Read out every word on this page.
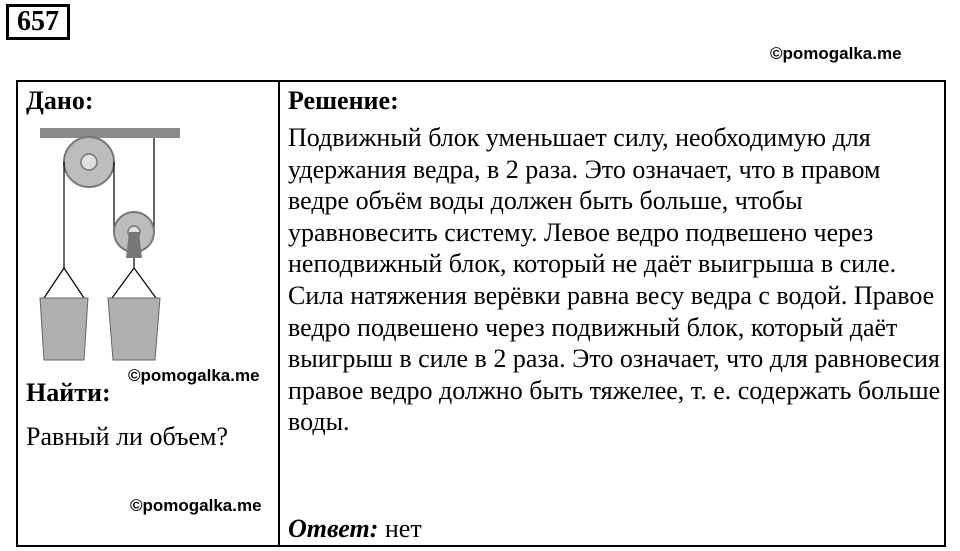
657
©pomogalka.me
Дано:
©pomogalka.me
Найти:
Равный ли объем?
©pomogalka.me
Решение:

Подвижный блок уменьшает силу, необходимую для удержания ведра, в 2 раза. Это означает, что в правом ведре объём воды должен быть больше, чтобы уравновесить систему. Левое ведро подвешено через неподвижный блок, который не даёт выигрыша в силе. Сила натяжения верёвки равна весу ведра с водой. Правое ведро подвешено через подвижный блок, который даёт выигрыш в силе в 2 раза. Это означает, что для равновесия правое ведро должно быть тяжелее, т. е. содержать больше воды.

Ответ: нет
